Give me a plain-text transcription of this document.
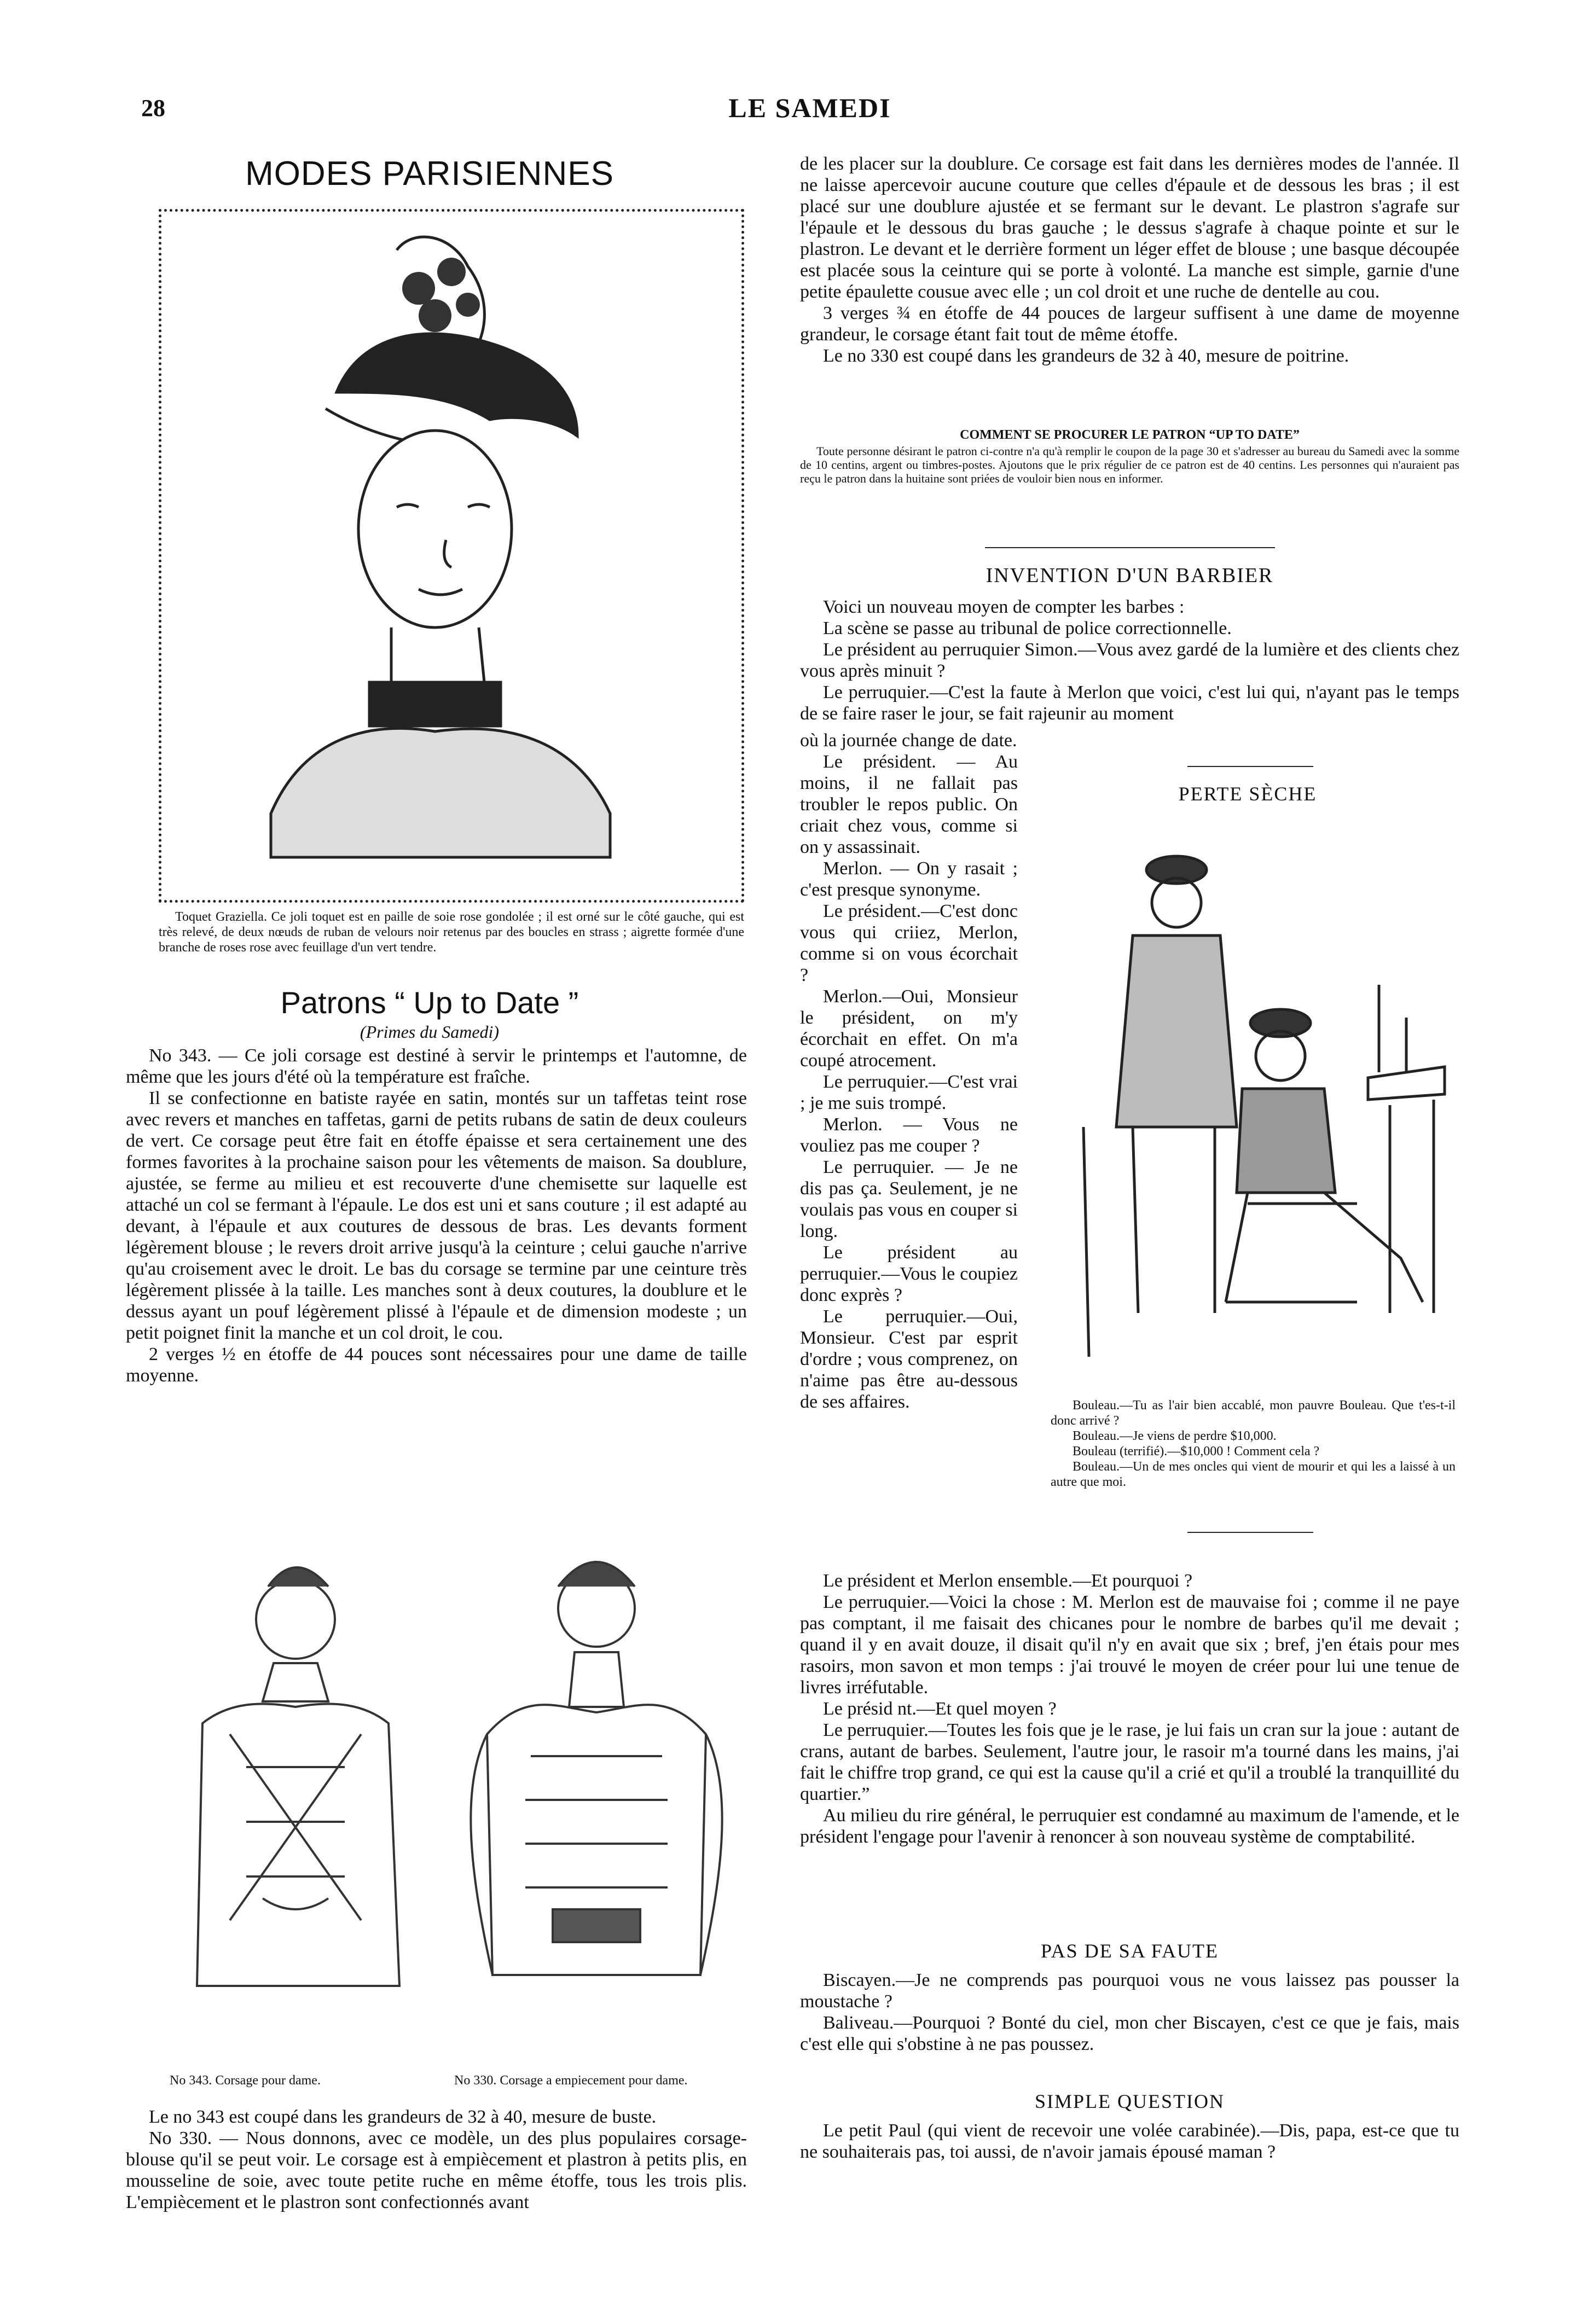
28	LE SAMEDI
MODES PARISIENNES

Toquet Graziella. Ce joli toquet est en paille de soie rose gondolée ; il est orné sur le côté gauche, qui est très relevé, de deux nœuds de ruban de velours noir retenus par des boucles en strass ; aigrette formée d'une branche de roses rose avec feuillage d'un vert tendre.

Patrons “ Up to Date ”
(Primes du Samedi)

No 343. — Ce joli corsage est destiné à servir le printemps et l'automne, de même que les jours d'été où la température est fraîche.

Il se confectionne en batiste rayée en satin, montés sur un taffetas teint rose avec revers et manches en taffetas, garni de petits rubans de satin de deux couleurs de vert. Ce corsage peut être fait en étoffe épaisse et sera certainement une des formes favorites à la prochaine saison pour les vêtements de maison. Sa doublure, ajustée, se ferme au milieu et est recouverte d'une chemisette sur laquelle est attaché un col se fermant à l'épaule. Le dos est uni et sans couture ; il est adapté au devant, à l'épaule et aux coutures de dessous de bras. Les devants forment légèrement blouse ; le revers droit arrive jusqu'à la ceinture ; celui gauche n'arrive qu'au croisement avec le droit. Le bas du corsage se termine par une ceinture très légèrement plissée à la taille. Les manches sont à deux coutures, la doublure et le dessus ayant un pouf légèrement plissé à l'épaule et de dimension modeste ; un petit poignet finit la manche et un col droit, le cou.

2 verges ½ en étoffe de 44 pouces sont nécessaires pour une dame de taille moyenne.

No 343. Corsage pour dame.	No 330. Corsage a empiecement pour dame.

Le no 343 est coupé dans les grandeurs de 32 à 40, mesure de buste.

No 330. — Nous donnons, avec ce modèle, un des plus populaires corsage-blouse qu'il se peut voir. Le corsage est à empiècement et plastron à petits plis, en mousseline de soie, avec toute petite ruche en même étoffe, tous les trois plis. L'empiècement et le plastron sont confectionnés avant

de les placer sur la doublure. Ce corsage est fait dans les dernières modes de l'année. Il ne laisse apercevoir aucune couture que celles d'épaule et de dessous les bras ; il est placé sur une doublure ajustée et se fermant sur le devant. Le plastron s'agrafe sur l'épaule et le dessous du bras gauche ; le dessus s'agrafe à chaque pointe et sur le plastron. Le devant et le derrière forment un léger effet de blouse ; une basque découpée est placée sous la ceinture qui se porte à volonté. La manche est simple, garnie d'une petite épaulette cousue avec elle ; un col droit et une ruche de dentelle au cou.

3 verges ¾ en étoffe de 44 pouces de largeur suffisent à une dame de moyenne grandeur, le corsage étant fait tout de même étoffe.

Le no 330 est coupé dans les grandeurs de 32 à 40, mesure de poitrine.

COMMENT SE PROCURER LE PATRON “UP TO DATE”

Toute personne désirant le patron ci-contre n'a qu'à remplir le coupon de la page 30 et s'adresser au bureau du Samedi avec la somme de 10 centins, argent ou timbres-postes. Ajoutons que le prix régulier de ce patron est de 40 centins. Les personnes qui n'auraient pas reçu le patron dans la huitaine sont priées de vouloir bien nous en informer.

INVENTION D'UN BARBIER

Voici un nouveau moyen de compter les barbes :

La scène se passe au tribunal de police correctionnelle.

Le président au perruquier Simon.—Vous avez gardé de la lumière et des clients chez vous après minuit ?

Le perruquier.—C'est la faute à Merlon que voici, c'est lui qui, n'ayant pas le temps de se faire raser le jour, se fait rajeunir au moment

où la journée change de date.

Le président. — Au moins, il ne fallait pas troubler le repos public. On criait chez vous, comme si on y assassinait.

Merlon. — On y rasait ; c'est presque synonyme.

Le président.—C'est donc vous qui criiez, Merlon, comme si on vous écorchait ?

Merlon.—Oui, Monsieur le président, on m'y écorchait en effet. On m'a coupé atrocement.

Le perruquier.—C'est vrai ; je me suis trompé.

Merlon. — Vous ne vouliez pas me couper ?

Le perruquier. — Je ne dis pas ça. Seulement, je ne voulais pas vous en couper si long.

Le président au perruquier.—Vous le coupiez donc exprès ?

Le perruquier.—Oui, Monsieur. C'est par esprit d'ordre ; vous comprenez, on n'aime pas être au-dessous de ses affaires.

PERTE SÈCHE

Bouleau.—Tu as l'air bien accablé, mon pauvre Bouleau. Que t'es-t-il donc arrivé ?

Bouleau.—Je viens de perdre $10,000.

Bouleau (terrifié).—$10,000 ! Comment cela ?

Bouleau.—Un de mes oncles qui vient de mourir et qui les a laissé à un autre que moi.

Le président et Merlon ensemble.—Et pourquoi ?

Le perruquier.—Voici la chose : M. Merlon est de mauvaise foi ; comme il ne paye pas comptant, il me faisait des chicanes pour le nombre de barbes qu'il me devait ; quand il y en avait douze, il disait qu'il n'y en avait que six ; bref, j'en étais pour mes rasoirs, mon savon et mon temps : j'ai trouvé le moyen de créer pour lui une tenue de livres irréfutable.

Le présid nt.—Et quel moyen ?

Le perruquier.—Toutes les fois que je le rase, je lui fais un cran sur la joue : autant de crans, autant de barbes. Seulement, l'autre jour, le rasoir m'a tourné dans les mains, j'ai fait le chiffre trop grand, ce qui est la cause qu'il a crié et qu'il a troublé la tranquillité du quartier.”

Au milieu du rire général, le perruquier est condamné au maximum de l'amende, et le président l'engage pour l'avenir à renoncer à son nouveau système de comptabilité.

PAS DE SA FAUTE

Biscayen.—Je ne comprends pas pourquoi vous ne vous laissez pas pousser la moustache ?

Baliveau.—Pourquoi ? Bonté du ciel, mon cher Biscayen, c'est ce que je fais, mais c'est elle qui s'obstine à ne pas poussez.

SIMPLE QUESTION

Le petit Paul (qui vient de recevoir une volée carabinée).—Dis, papa, est-ce que tu ne souhaiterais pas, toi aussi, de n'avoir jamais épousé maman ?
